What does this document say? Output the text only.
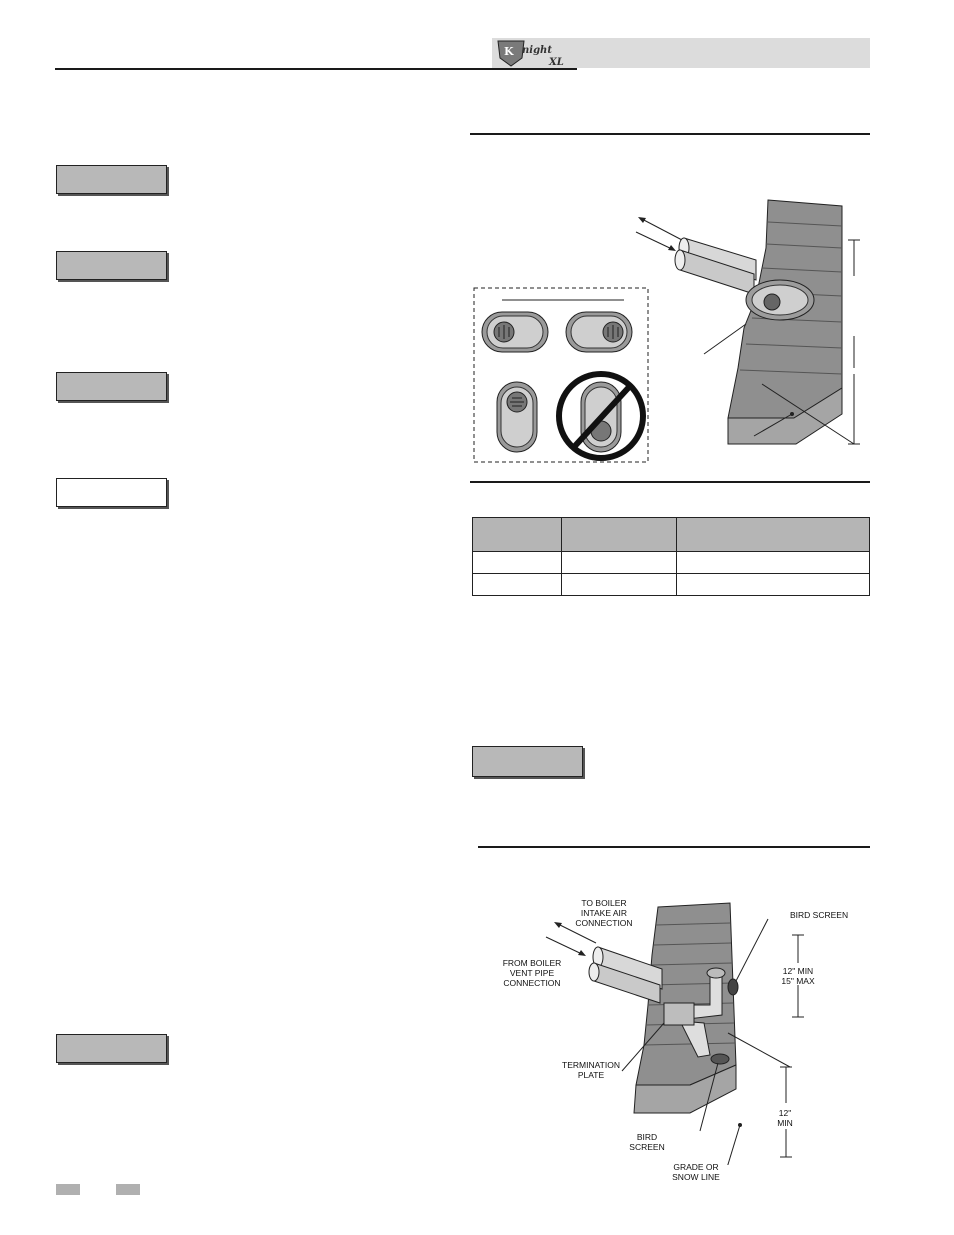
K night
XL

TO BOILER
INTAKE AIR
CONNECTION
FROM BOILER
VENT PIPE
CONNECTION
BIRD SCREEN
12" MIN
15" MAX
TERMINATION
PLATE
BIRD
SCREEN
12"
MIN
GRADE OR
SNOW LINE
